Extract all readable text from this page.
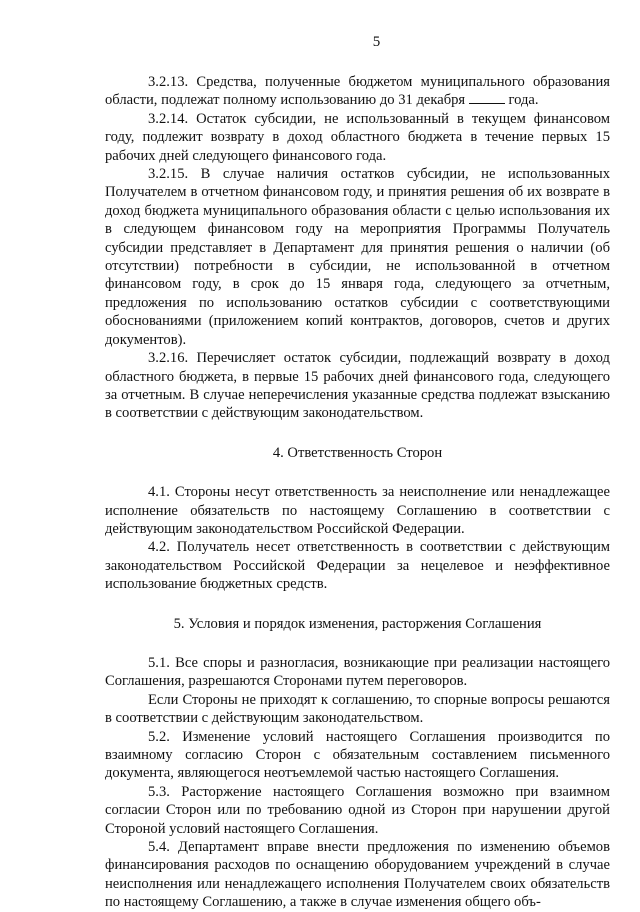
5

3.2.13. Средства, полученные бюджетом муниципального образования области, подлежат полному использованию до 31 декабря	года.

3.2.14. Остаток субсидии, не использованный в текущем финансовом году, подлежит возврату в доход областного бюджета в течение первых 15 рабочих дней следующего финансового года.

3.2.15. В случае наличия остатков субсидии, не использованных Получателем в отчетном финансовом году, и принятия решения об их возврате в доход бюджета муниципального образования области с целью использования их в следующем финансовом году на мероприятия Программы Получатель субсидии представляет в Департамент для принятия решения о наличии (об отсутствии) потребности в субсидии, не использованной в отчетном финансовом году, в срок до 15 января года, следующего за отчетным, предложения по использованию остатков субсидии с соответствующими обоснованиями (приложением копий контрактов, договоров, счетов и других документов).

3.2.16. Перечисляет остаток субсидии, подлежащий возврату в доход областного бюджета, в первые 15 рабочих дней финансового года, следующего за отчетным. В случае неперечисления указанные средства подлежат взысканию в соответствии с действующим законодательством.

4. Ответственность Сторон

4.1. Стороны несут ответственность за неисполнение или ненадлежащее исполнение обязательств по настоящему Соглашению в соответствии с действующим законодательством Российской Федерации.

4.2. Получатель несет ответственность в соответствии с действующим законодательством Российской Федерации за нецелевое и неэффективное использование бюджетных средств.

5. Условия и порядок изменения, расторжения Соглашения

5.1. Все споры и разногласия, возникающие при реализации настоящего Соглашения, разрешаются Сторонами путем переговоров.

Если Стороны не приходят к соглашению, то спорные вопросы решаются в соответствии с действующим законодательством.

5.2. Изменение условий настоящего Соглашения производится по взаимному согласию Сторон с обязательным составлением письменного документа, являющегося неотъемлемой частью настоящего Соглашения.

5.3. Расторжение настоящего Соглашения возможно при взаимном согласии Сторон или по требованию одной из Сторон при нарушении другой Стороной условий настоящего Соглашения.

5.4. Департамент вправе внести предложения по изменению объемов финансирования расходов по оснащению оборудованием учреждений в случае неисполнения или ненадлежащего исполнения Получателем своих обязательств по настоящему Соглашению, а также в случае изменения общего объ-
